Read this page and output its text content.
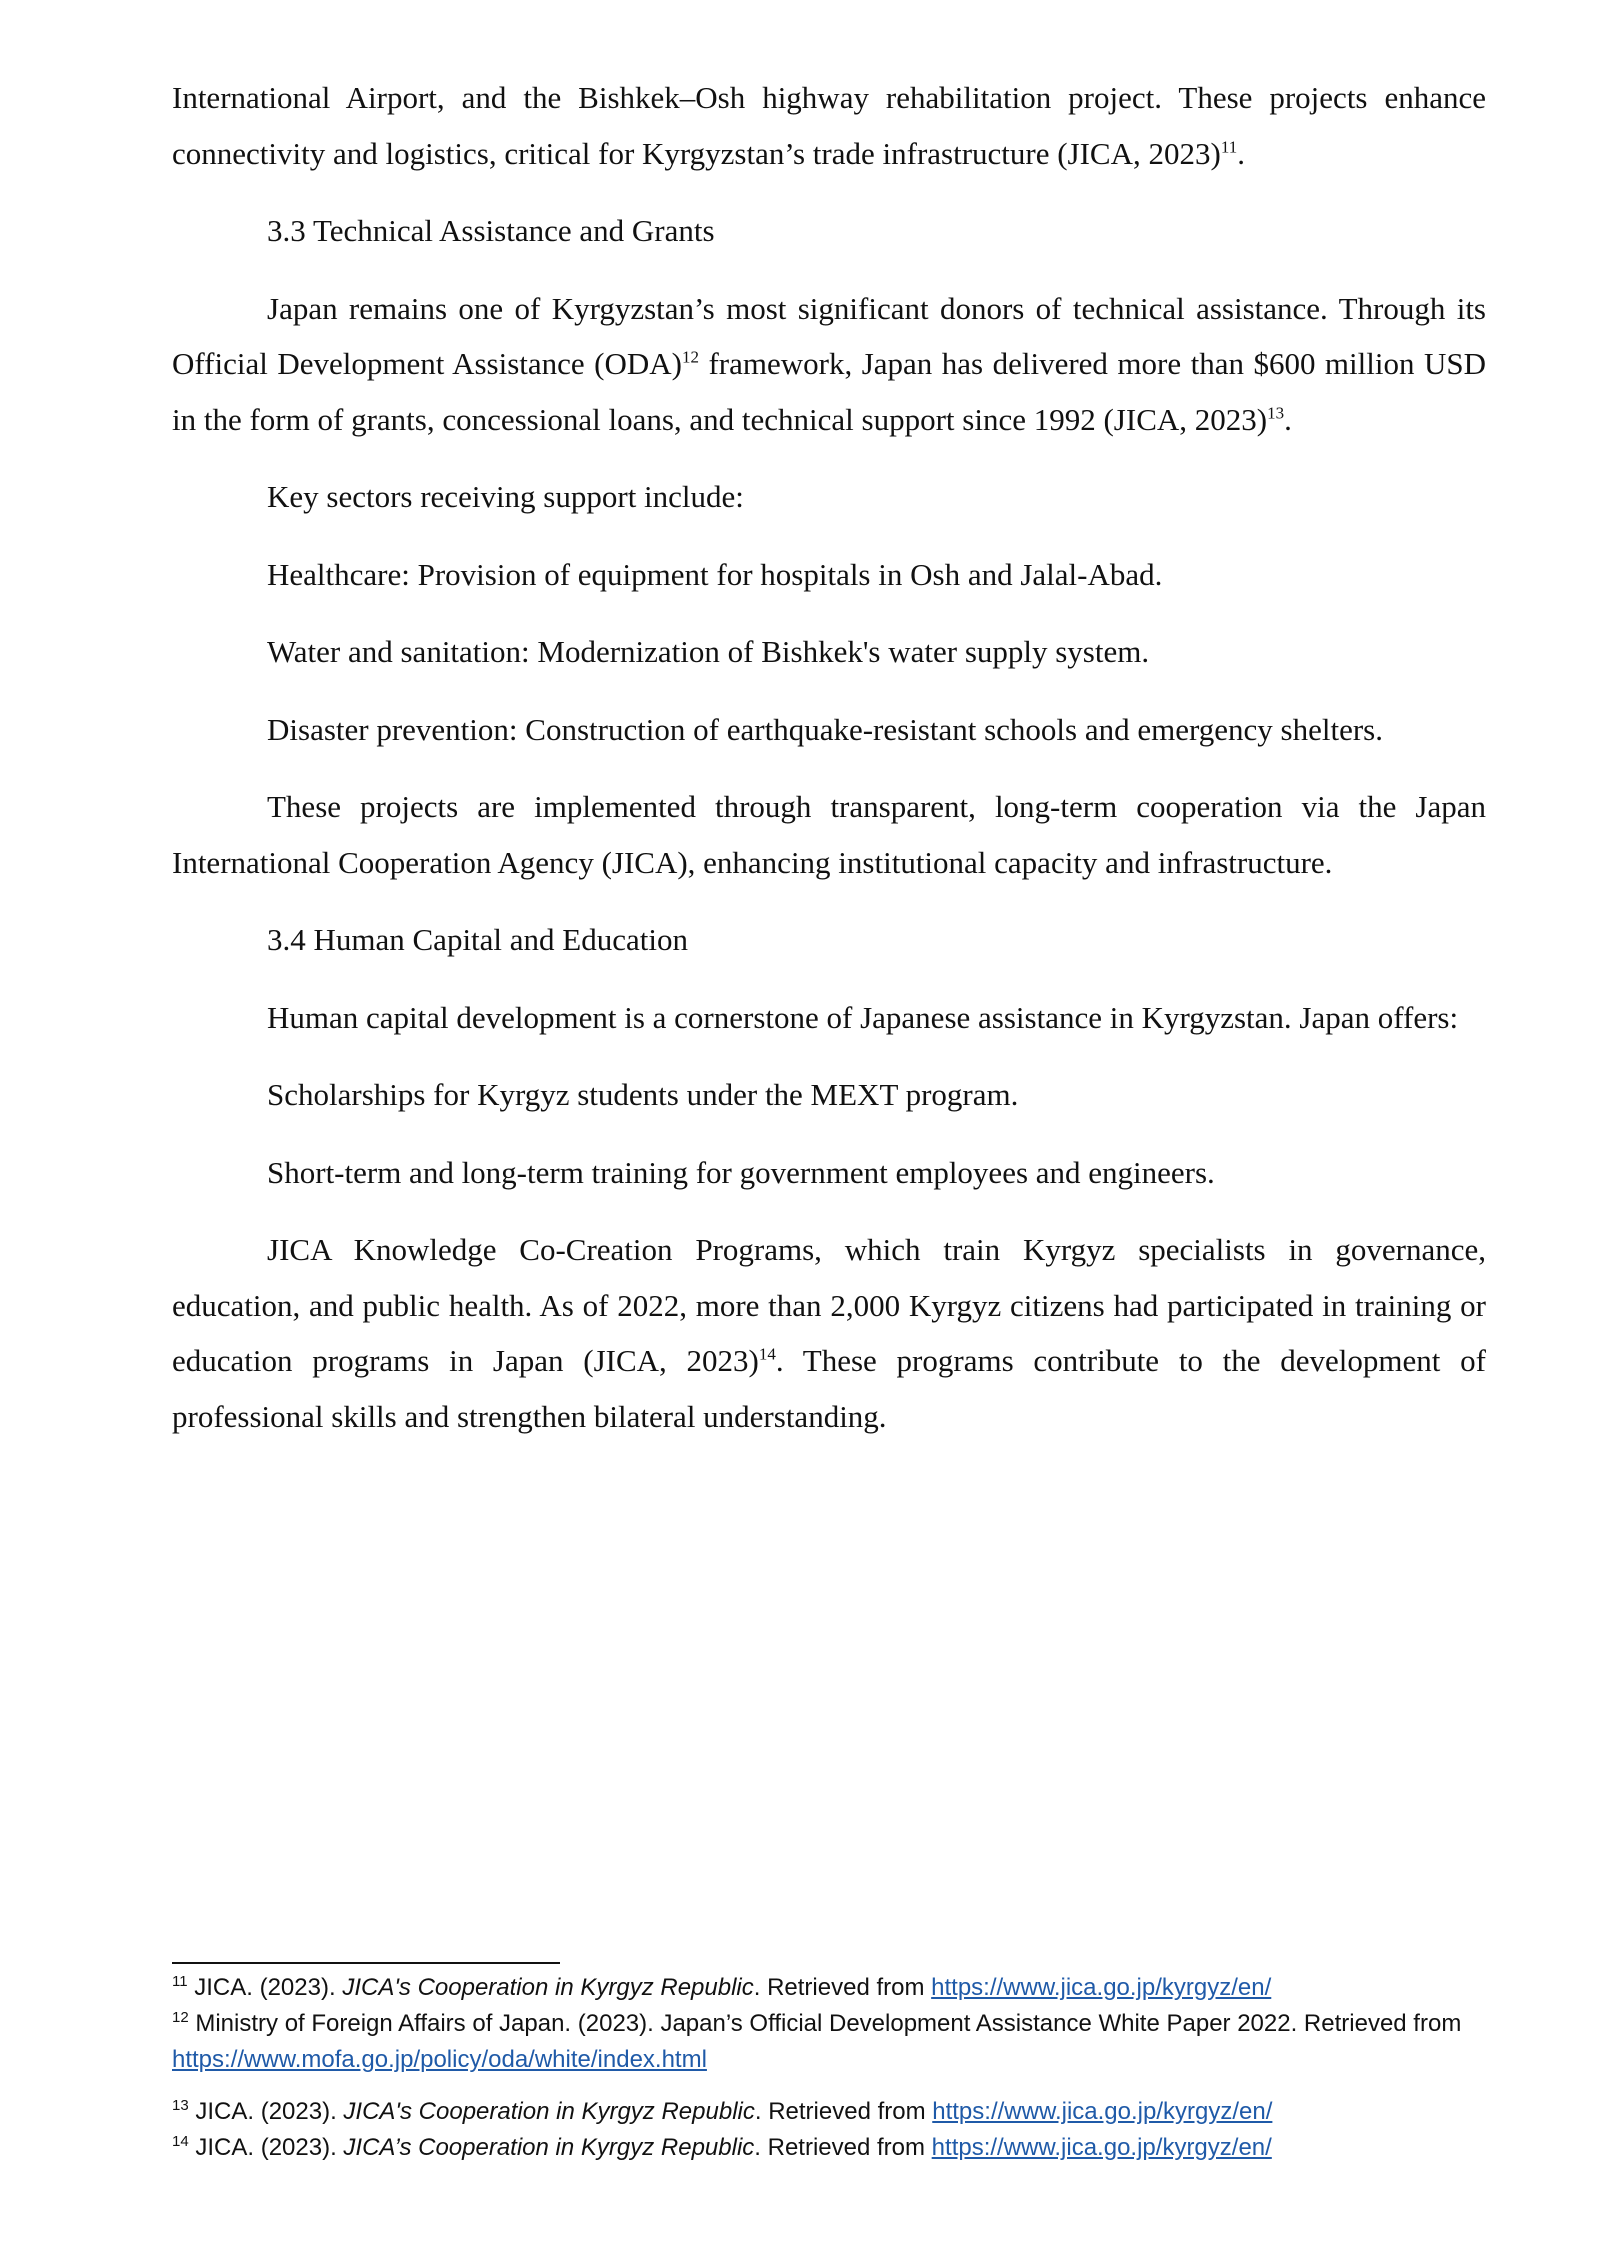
International Airport, and the Bishkek–Osh highway rehabilitation project. These projects enhance connectivity and logistics, critical for Kyrgyzstan’s trade infrastructure (JICA, 2023)$^{11}$.

3.3 Technical Assistance and Grants

Japan remains one of Kyrgyzstan’s most significant donors of technical assistance. Through its Official Development Assistance (ODA)$^{12}$ framework, Japan has delivered more than $600 million USD in the form of grants, concessional loans, and technical support since 1992 (JICA, 2023)$^{13}$.

Key sectors receiving support include:

Healthcare: Provision of equipment for hospitals in Osh and Jalal-Abad.

Water and sanitation: Modernization of Bishkek's water supply system.

Disaster prevention: Construction of earthquake-resistant schools and emergency shelters.

These projects are implemented through transparent, long-term cooperation via the Japan International Cooperation Agency (JICA), enhancing institutional capacity and infrastructure.

3.4 Human Capital and Education

Human capital development is a cornerstone of Japanese assistance in Kyrgyzstan. Japan offers:

Scholarships for Kyrgyz students under the MEXT program.

Short-term and long-term training for government employees and engineers.

JICA Knowledge Co-Creation Programs, which train Kyrgyz specialists in governance, education, and public health. As of 2022, more than 2,000 Kyrgyz citizens had participated in training or education programs in Japan (JICA, 2023)$^{14}$. These programs contribute to the development of professional skills and strengthen bilateral understanding.

$^{11}$ JICA. (2023). JICA's Cooperation in Kyrgyz Republic. Retrieved from https://www.jica.go.jp/kyrgyz/en/

$^{12}$ Ministry of Foreign Affairs of Japan. (2023). Japan’s Official Development Assistance White Paper 2022. Retrieved from https://www.mofa.go.jp/policy/oda/white/index.html

$^{13}$ JICA. (2023). JICA's Cooperation in Kyrgyz Republic. Retrieved from https://www.jica.go.jp/kyrgyz/en/

$^{14}$ JICA. (2023). JICA’s Cooperation in Kyrgyz Republic. Retrieved from https://www.jica.go.jp/kyrgyz/en/
